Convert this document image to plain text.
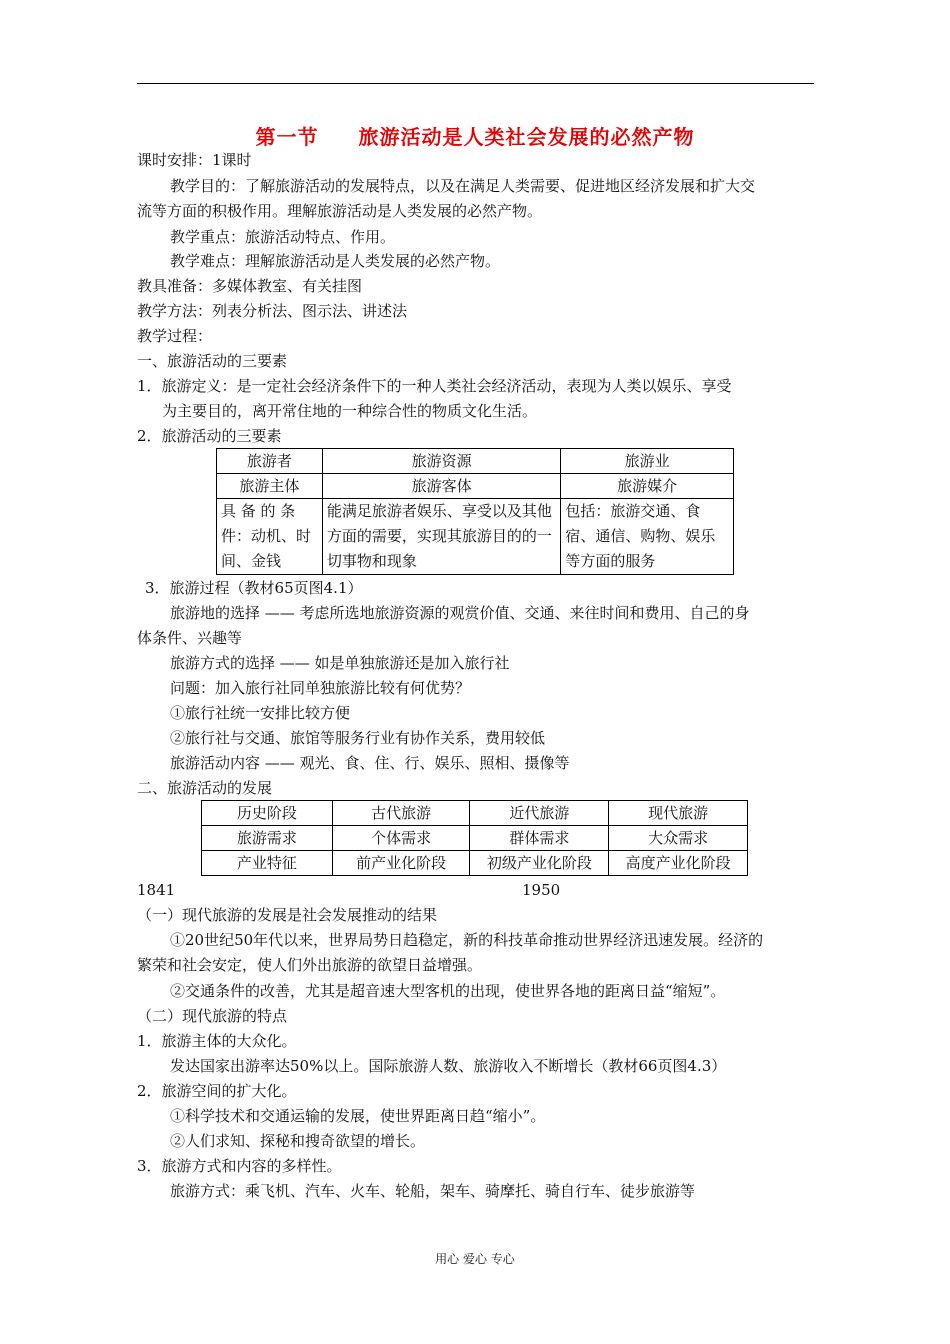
第一节 旅游活动是人类社会发展的必然产物
课时安排：1课时
教学目的：了解旅游活动的发展特点，以及在满足人类需要、促进地区经济发展和扩大交
流等方面的积极作用。理解旅游活动是人类发展的必然产物。
教学重点：旅游活动特点、作用。
教学难点：理解旅游活动是人类发展的必然产物。
教具准备：多媒体教室、有关挂图
教学方法：列表分析法、图示法、讲述法
教学过程：
一、旅游活动的三要素
1．旅游定义：是一定社会经济条件下的一种人类社会经济活动，表现为人类以娱乐、享受
为主要目的，离开常住地的一种综合性的物质文化生活。
2．旅游活动的三要素
旅游者	旅游资源	旅游业
旅游主体	旅游客体	旅游媒介
具 备 的 条件：动机、时间、金钱	能满足旅游者娱乐、享受以及其他方面的需要，实现其旅游目的的一切事物和现象	包括：旅游交通、食宿、通信、购物、娱乐等方面的服务
3．旅游过程（教材65页图4.1）
旅游地的选择 —— 考虑所选地旅游资源的观赏价值、交通、来往时间和费用、自己的身
体条件、兴趣等
旅游方式的选择 —— 如是单独旅游还是加入旅行社
问题：加入旅行社同单独旅游比较有何优势？
①旅行社统一安排比较方便
②旅行社与交通、旅馆等服务行业有协作关系，费用较低
旅游活动内容 —— 观光、食、住、行、娱乐、照相、摄像等
二、旅游活动的发展
历史阶段	古代旅游	近代旅游	现代旅游
旅游需求	个体需求	群体需求	大众需求
产业特征	前产业化阶段	初级产业化阶段	高度产业化阶段
1841	1950
（一）现代旅游的发展是社会发展推动的结果
①20世纪50年代以来，世界局势日趋稳定，新的科技革命推动世界经济迅速发展。经济的
繁荣和社会安定，使人们外出旅游的欲望日益增强。
②交通条件的改善，尤其是超音速大型客机的出现，使世界各地的距离日益“缩短”。
（二）现代旅游的特点
1．旅游主体的大众化。
发达国家出游率达50%以上。国际旅游人数、旅游收入不断增长（教材66页图4.3）
2．旅游空间的扩大化。
①科学技术和交通运输的发展，使世界距离日趋“缩小”。
②人们求知、探秘和搜奇欲望的增长。
3．旅游方式和内容的多样性。
旅游方式：乘飞机、汽车、火车、轮船，架车、骑摩托、骑自行车、徒步旅游等
用心 爱心 专心
